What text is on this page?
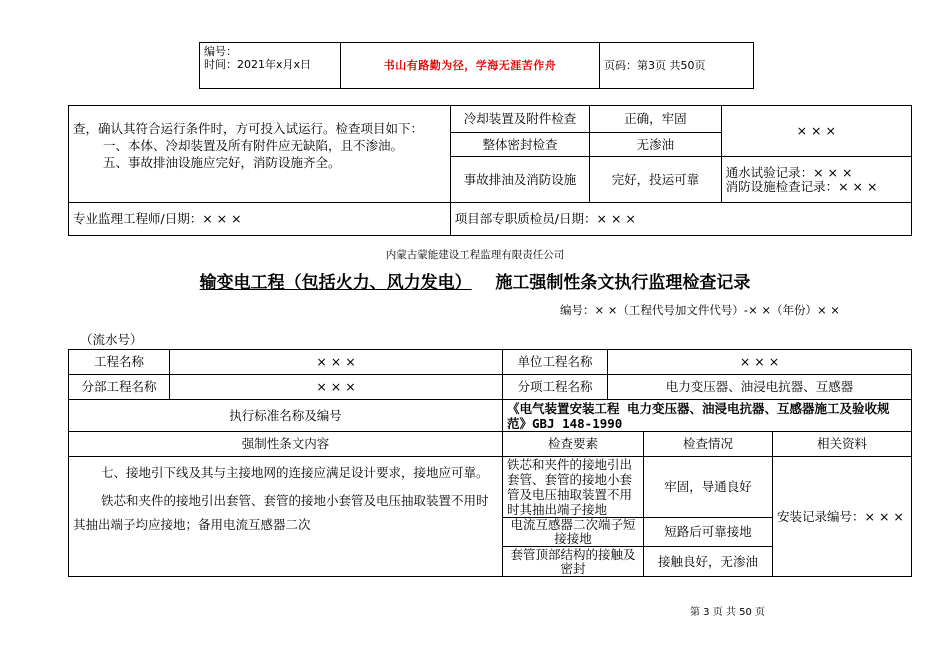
编号：
时间：2021年x月x日	书山有路勤为径，学海无涯苦作舟	页码：第3页 共50页
查，确认其符合运行条件时，方可投入试运行。检查项目如下：
一、本体、冷却装置及所有附件应无缺陷，且不渗油。
五、事故排油设施应完好，消防设施齐全。	冷却装置及附件检查	正确，牢固	× × ×
	整体密封检查	无渗油	
	事故排油及消防设施	完好，投运可靠	通水试验记录：× × ×
消防设施检查记录：× × ×

专业监理工程师/日期：× × ×	项目部专职质检员/日期：× × ×		
内蒙古蒙能建设工程监理有限责任公司
输变电工程（包括火力、风力发电） 施工强制性条文执行监理检查记录
编号：× ×（工程代号加文件代号）-× ×（年份）× ×
（流水号）
工程名称	× × ×	单位工程名称	× × ×		
分部工程名称	× × ×	分项工程名称	电力变压器、油浸电抗器、互感器		
执行标准名称及编号		《电气装置安装工程 电力变压器、油浸电抗器、互感器施工及验收规范》GBJ 148-1990			
强制性条文内容		检查要素		检查情况	相关资料

七、接地引下线及其与主接地网的连接应满足设计要求，接地应可靠。
铁芯和夹件的接地引出套管、套管的接地小套管及电压抽取装置不用时其抽出端子均应接地；备用电流互感器二次		铁芯和夹件的接地引出套管、套管的接地小套管及电压抽取装置不用时其抽出端子接地		牢固，导通良好	安装记录编号：× × ×
		电流互感器二次端子短接接地		短路后可靠接地	
		套管顶部结构的接触及密封		接触良好，无渗油	
第 3 页 共 50 页
